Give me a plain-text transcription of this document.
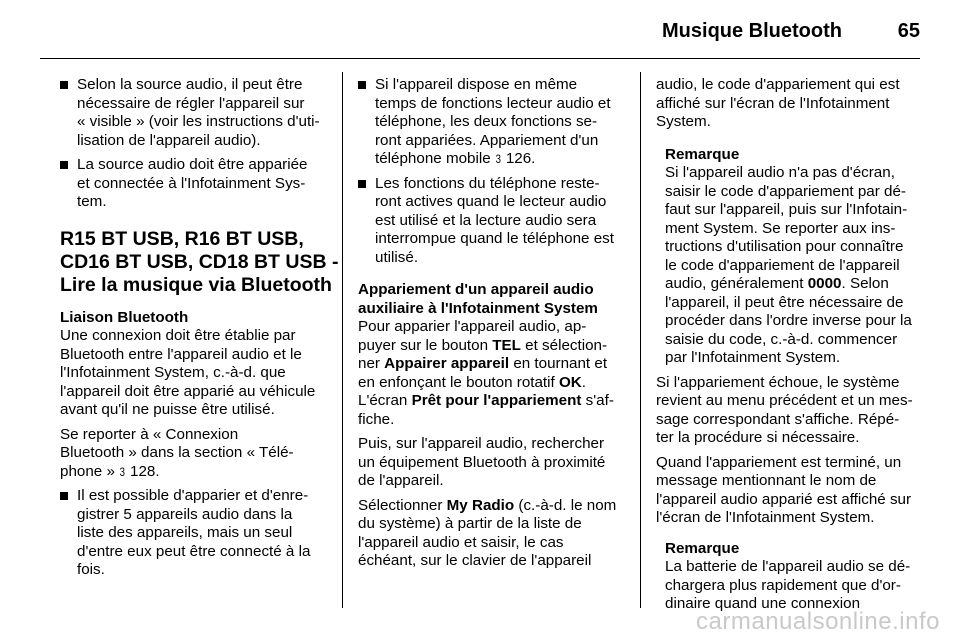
Musique Bluetooth	65
Selon la source audio, il peut être
nécessaire de régler l'appareil sur
« visible » (voir les instructions d'uti-
lisation de l'appareil audio).
La source audio doit être appariée
et connectée à l'Infotainment Sys-
tem.
R15 BT USB, R16 BT USB,
CD16 BT USB, CD18 BT USB -
Lire la musique via Bluetooth
Liaison Bluetooth
Une connexion doit être établie par
Bluetooth entre l'appareil audio et le
l'Infotainment System, c.-à-d. que
l'appareil doit être apparié au véhicule
avant qu'il ne puisse être utilisé.
Se reporter à « Connexion
Bluetooth » dans la section « Télé-
phone » 3 128.
Il est possible d'apparier et d'enre-
gistrer 5 appareils audio dans la
liste des appareils, mais un seul
d'entre eux peut être connecté à la
fois.
Si l'appareil dispose en même
temps de fonctions lecteur audio et
téléphone, les deux fonctions se-
ront appariées. Appariement d'un
téléphone mobile 3 126.
Les fonctions du téléphone reste-
ront actives quand le lecteur audio
est utilisé et la lecture audio sera
interrompue quand le téléphone est
utilisé.
Appariement d'un appareil audio
auxiliaire à l'Infotainment System
Pour apparier l'appareil audio, ap-
puyer sur le bouton TEL et sélection-
ner Appairer appareil en tournant et
en enfonçant le bouton rotatif OK.
L'écran Prêt pour l'appariement s'af-
fiche.
Puis, sur l'appareil audio, rechercher
un équipement Bluetooth à proximité
de l'appareil.
Sélectionner My Radio (c.-à-d. le nom
du système) à partir de la liste de
l'appareil audio et saisir, le cas
échéant, sur le clavier de l'appareil
audio, le code d'appariement qui est
affiché sur l'écran de l'Infotainment
System.
Remarque
Si l'appareil audio n'a pas d'écran,
saisir le code d'appariement par dé-
faut sur l'appareil, puis sur l'Infotain-
ment System. Se reporter aux ins-
tructions d'utilisation pour connaître
le code d'appariement de l'appareil
audio, généralement 0000. Selon
l'appareil, il peut être nécessaire de
procéder dans l'ordre inverse pour la
saisie du code, c.-à-d. commencer
par l'Infotainment System.
Si l'appariement échoue, le système
revient au menu précédent et un mes-
sage correspondant s'affiche. Répé-
ter la procédure si nécessaire.
Quand l'appariement est terminé, un
message mentionnant le nom de
l'appareil audio apparié est affiché sur
l'écran de l'Infotainment System.
Remarque
La batterie de l'appareil audio se dé-
chargera plus rapidement que d'or-
dinaire quand une connexion
carmanualsonline.info
